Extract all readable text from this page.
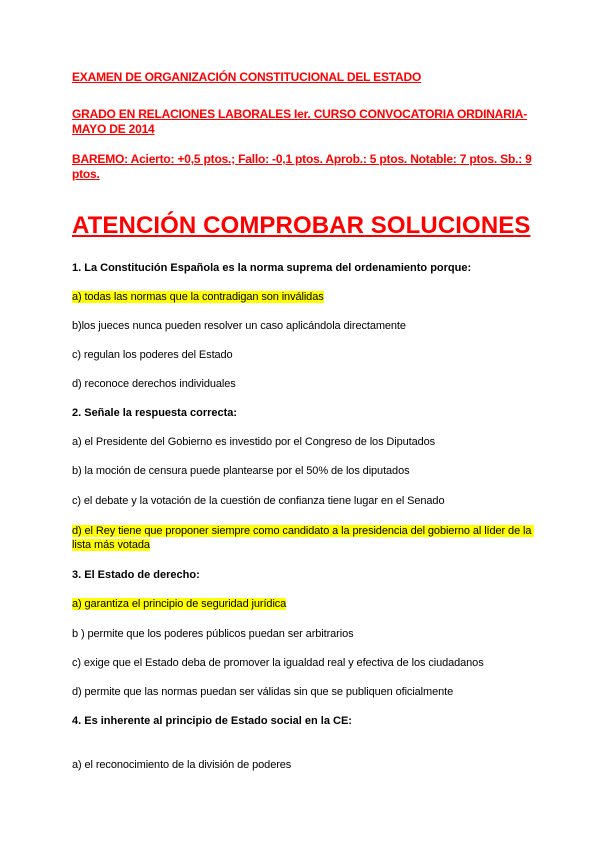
EXAMEN DE ORGANIZACIÓN CONSTITUCIONAL DEL ESTADO
GRADO EN RELACIONES LABORALES Ier. CURSO CONVOCATORIA ORDINARIA-MAYO DE 2014
BAREMO: Acierto: +0,5 ptos.; Fallo: -0,1 ptos. Aprob.: 5 ptos. Notable: 7 ptos. Sb.: 9 ptos.
ATENCIÓN COMPROBAR SOLUCIONES
1. La Constitución Española es la norma suprema del ordenamiento porque:
a) todas las normas que la contradigan son inválidas
b)los jueces nunca pueden resolver un caso aplicándola directamente
c) regulan los poderes del Estado
d) reconoce derechos individuales
2. Señale la respuesta correcta:
a) el Presidente del Gobierno es investido por el Congreso de los Diputados
b) la moción de censura puede plantearse por el 50% de los diputados
c) el debate y la votación de la cuestión de confianza tiene lugar en el Senado
d) el Rey tiene que proponer siempre como candidato a la presidencia del gobierno al líder de la lista más votada
3. El Estado de derecho:
a) garantiza el principio de seguridad jurídica
b ) permite que los poderes públicos puedan ser arbitrarios
c) exige que el Estado deba de promover la igualdad real y efectiva de los ciudadanos
d) permite que las normas puedan ser válidas sin que se publiquen oficialmente
4. Es inherente al principio de Estado social en la CE:
a) el reconocimiento de la división de poderes
